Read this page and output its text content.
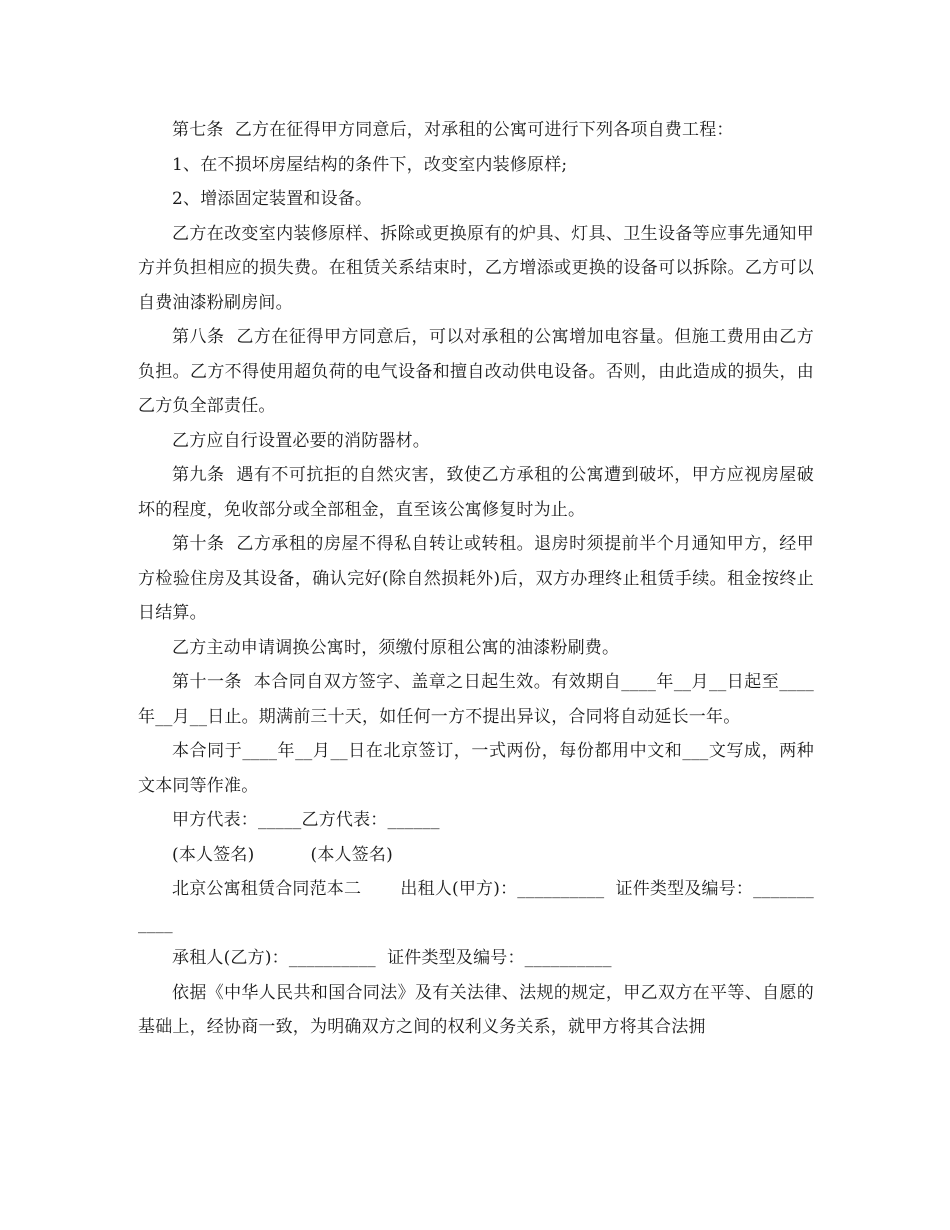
第七条  乙方在征得甲方同意后，对承租的公寓可进行下列各项自费工程：

1、在不损坏房屋结构的条件下，改变室内装修原样;

2、增添固定装置和设备。

乙方在改变室内装修原样、拆除或更换原有的炉具、灯具、卫生设备等应事先通知甲方并负担相应的损失费。在租赁关系结束时，乙方增添或更换的设备可以拆除。乙方可以自费油漆粉刷房间。

第八条  乙方在征得甲方同意后，可以对承租的公寓增加电容量。但施工费用由乙方负担。乙方不得使用超负荷的电气设备和擅自改动供电设备。否则，由此造成的损失，由乙方负全部责任。

乙方应自行设置必要的消防器材。

第九条  遇有不可抗拒的自然灾害，致使乙方承租的公寓遭到破坏，甲方应视房屋破坏的程度，免收部分或全部租金，直至该公寓修复时为止。

第十条  乙方承租的房屋不得私自转让或转租。退房时须提前半个月通知甲方，经甲方检验住房及其设备，确认完好(除自然损耗外)后，双方办理终止租赁手续。租金按终止日结算。

乙方主动申请调换公寓时，须缴付原租公寓的油漆粉刷费。

第十一条  本合同自双方签字、盖章之日起生效。有效期自____年__月__日起至____年__月__日止。期满前三十天，如任何一方不提出异议，合同将自动延长一年。

本合同于____年__月__日在北京签订，一式两份，每份都用中文和___文写成，两种文本同等作准。

甲方代表：_____乙方代表：______

(本人签名)          (本人签名)

北京公寓租赁合同范本二       出租人(甲方)：__________  证件类型及编号：___________

承租人(乙方)：__________  证件类型及编号：__________

依据《中华人民共和国合同法》及有关法律、法规的规定，甲乙双方在平等、自愿的基础上，经协商一致，为明确双方之间的权利义务关系，就甲方将其合法拥
